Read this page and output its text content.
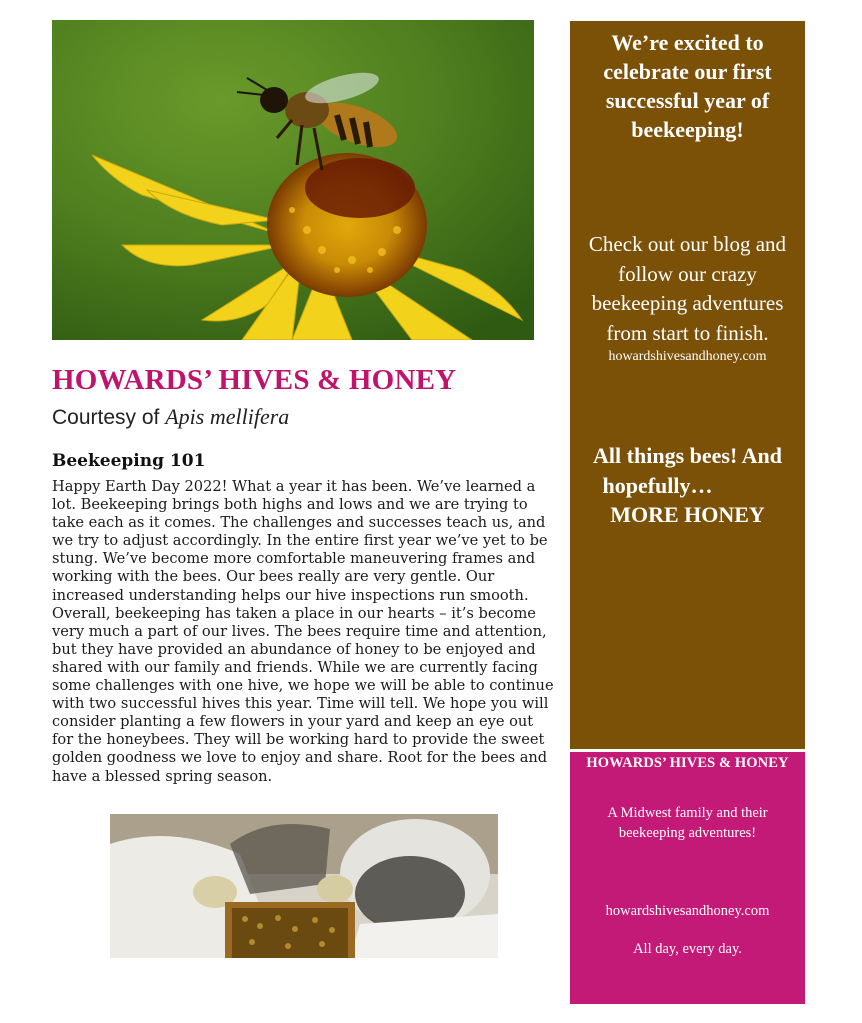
HOWARDS’ HIVES & HONEY
Courtesy of Apis mellifera
Beekeeping 101

Happy Earth Day 2022! What a year it has been. We’ve learned a lot. Beekeeping brings both highs and lows and we are trying to take each as it comes. The challenges and successes teach us, and we try to adjust accordingly. In the entire first year we’ve yet to be stung. We’ve become more comfortable maneuvering frames and working with the bees. Our bees really are very gentle. Our increased understanding helps our hive inspections run smooth. Overall, beekeeping has taken a place in our hearts – it’s become very much a part of our lives. The bees require time and attention, but they have provided an abundance of honey to be enjoyed and shared with our family and friends. While we are currently facing some challenges with one hive, we hope we will be able to continue with two successful hives this year. Time will tell. We hope you will consider planting a few flowers in your yard and keep an eye out for the honeybees. They will be working hard to provide the sweet golden goodness we love to enjoy and share. Root for the bees and have a blessed spring season.

We’re excited to celebrate our first successful year of beekeeping!
Check out our blog and follow our crazy beekeeping adventures from start to finish.
howardshivesandhoney.com
All things bees! And
hopefully…
MORE HONEY
HOWARDS’ HIVES & HONEY
A Midwest family and their beekeeping adventures!
howardshivesandhoney.com
All day, every day.
